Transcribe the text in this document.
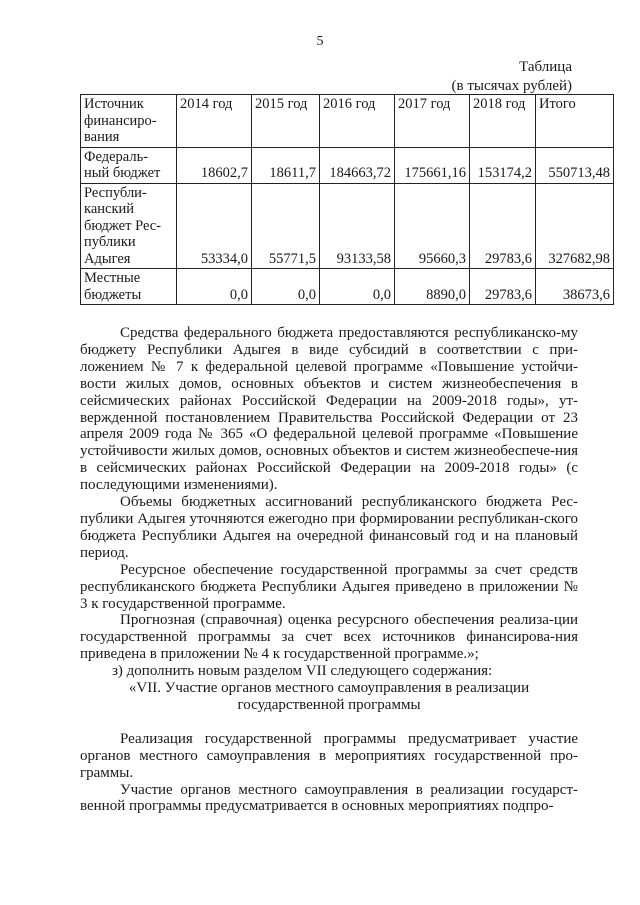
5
Таблица
(в тысячах рублей)
Источник финансиро-вания	2014 год	2015 год	2016 год	2017 год	2018 год	Итого
Федераль-ный бюджет	18602,7	18611,7	184663,72	175661,16	153174,2	550713,48
Республи-канский бюджет Рес-публики Адыгея	53334,0	55771,5	93133,58	95660,3	29783,6	327682,98
Местные бюджеты	0,0	0,0	0,0	8890,0	29783,6	38673,6

Средства федерального бюджета предоставляются республиканско-му бюджету Республики Адыгея в виде субсидий в соответствии с при-ложением № 7 к федеральной целевой программе «Повышение устойчи-вости жилых домов, основных объектов и систем жизнеобеспечения в сейсмических районах Российской Федерации на 2009-2018 годы», ут-вержденной постановлением Правительства Российской Федерации от 23 апреля 2009 года № 365 «О федеральной целевой программе «Повышение устойчивости жилых домов, основных объектов и систем жизнеобеспече-ния в сейсмических районах Российской Федерации на 2009-2018 годы» (с последующими изменениями).

Объемы бюджетных ассигнований республиканского бюджета Рес-публики Адыгея уточняются ежегодно при формировании республикан-ского бюджета Республики Адыгея на очередной финансовый год и на плановый период.

Ресурсное обеспечение государственной программы за счет средств республиканского бюджета Республики Адыгея приведено в приложении № 3 к государственной программе.

Прогнозная (справочная) оценка ресурсного обеспечения реализа-ции государственной программы за счет всех источников финансирова-ния приведена в приложении № 4 к государственной программе.»;

з) дополнить новым разделом VII следующего содержания:

«VII. Участие органов местного самоуправления в реализации

государственной программы

Реализация государственной программы предусматривает участие органов местного самоуправления в мероприятиях государственной про-граммы.

Участие органов местного самоуправления в реализации государст-венной программы предусматривается в основных мероприятиях подпро-
